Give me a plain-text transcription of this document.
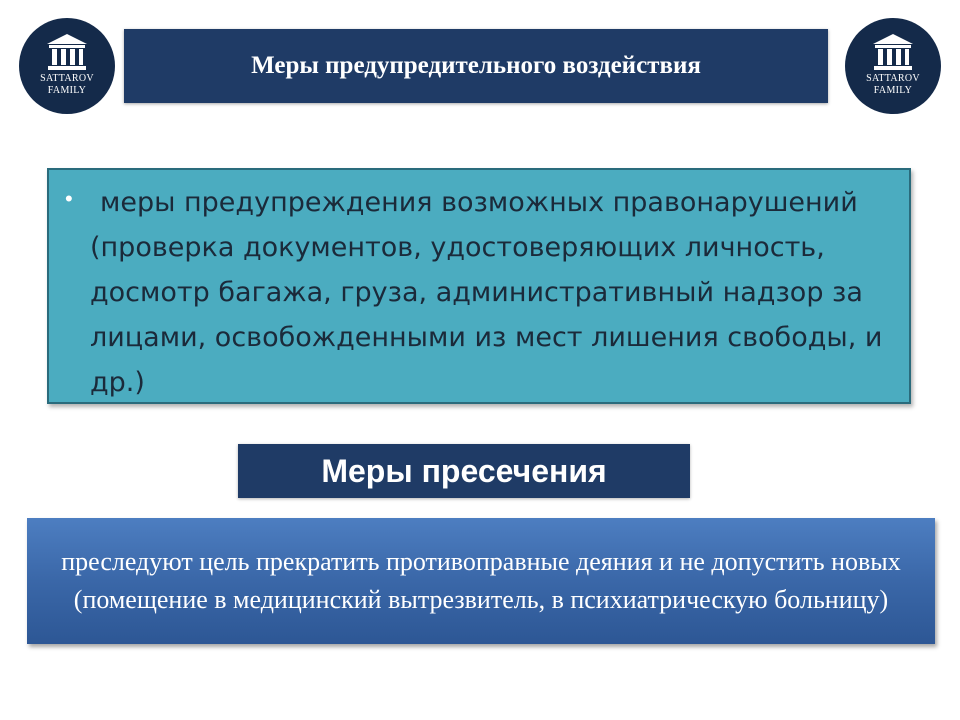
SATTAROV
FAMILY
Меры предупредительного воздействия	SATTAROV
FAMILY
•	меры предупреждения возможных правонарушений (проверка документов, удостоверяющих личность, досмотр багажа, груза, административный надзор за лицами, освобожденными из мест лишения свободы, и др.)
Меры пресечения

преследуют цель прекратить противоправные деяния и не допустить новых (помещение в медицинский вытрезвитель, в психиатрическую больницу)
